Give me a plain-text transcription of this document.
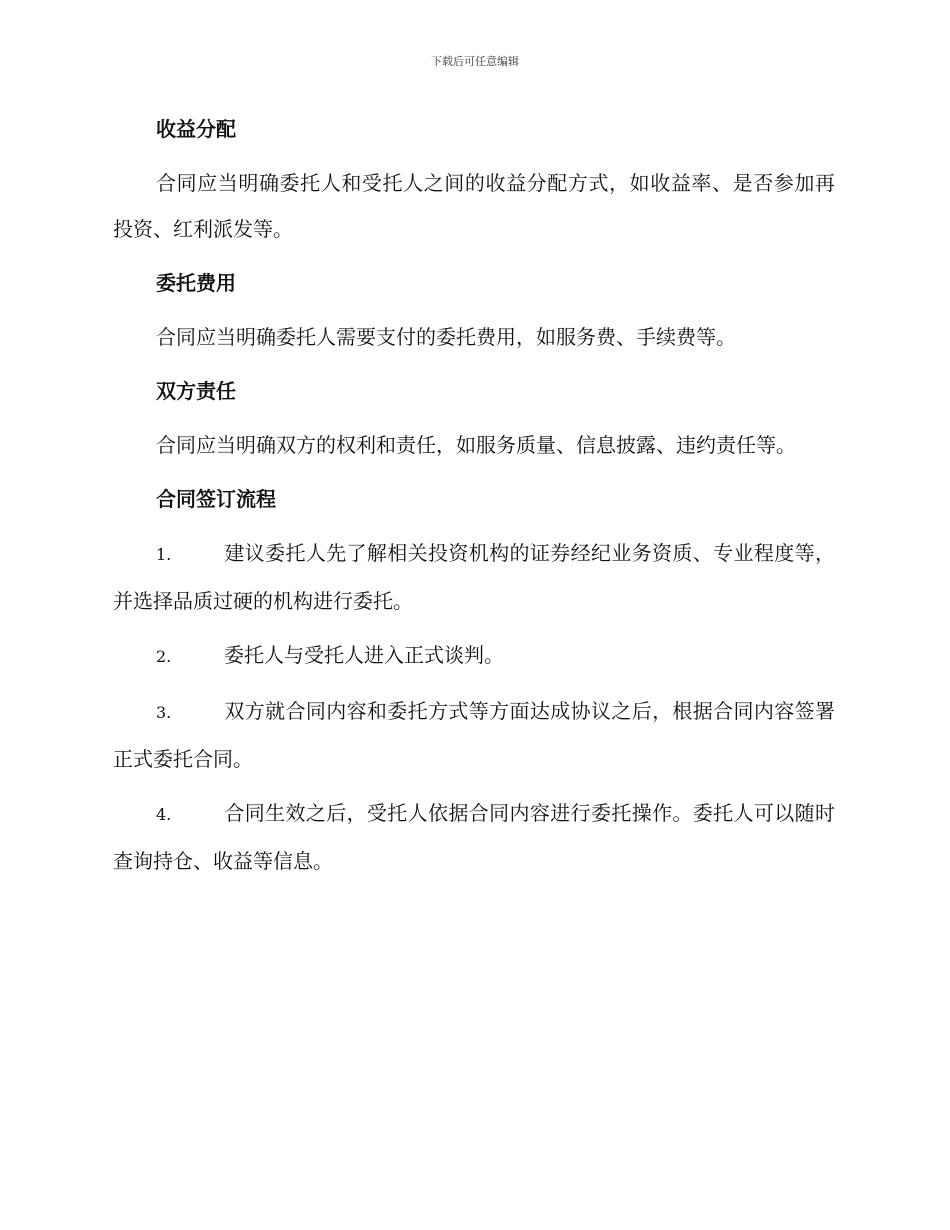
下载后可任意编辑
收益分配

合同应当明确委托人和受托人之间的收益分配方式，如收益率、是否参加再投资、红利派发等。

委托费用

合同应当明确委托人需要支付的委托费用，如服务费、手续费等。

双方责任

合同应当明确双方的权利和责任，如服务质量、信息披露、违约责任等。

合同签订流程

1.	建议委托人先了解相关投资机构的证券经纪业务资质、专业程度等，并选择品质过硬的机构进行委托。

2.	委托人与受托人进入正式谈判。

3.	双方就合同内容和委托方式等方面达成协议之后，根据合同内容签署正式委托合同。

4.	合同生效之后，受托人依据合同内容进行委托操作。委托人可以随时查询持仓、收益等信息。
